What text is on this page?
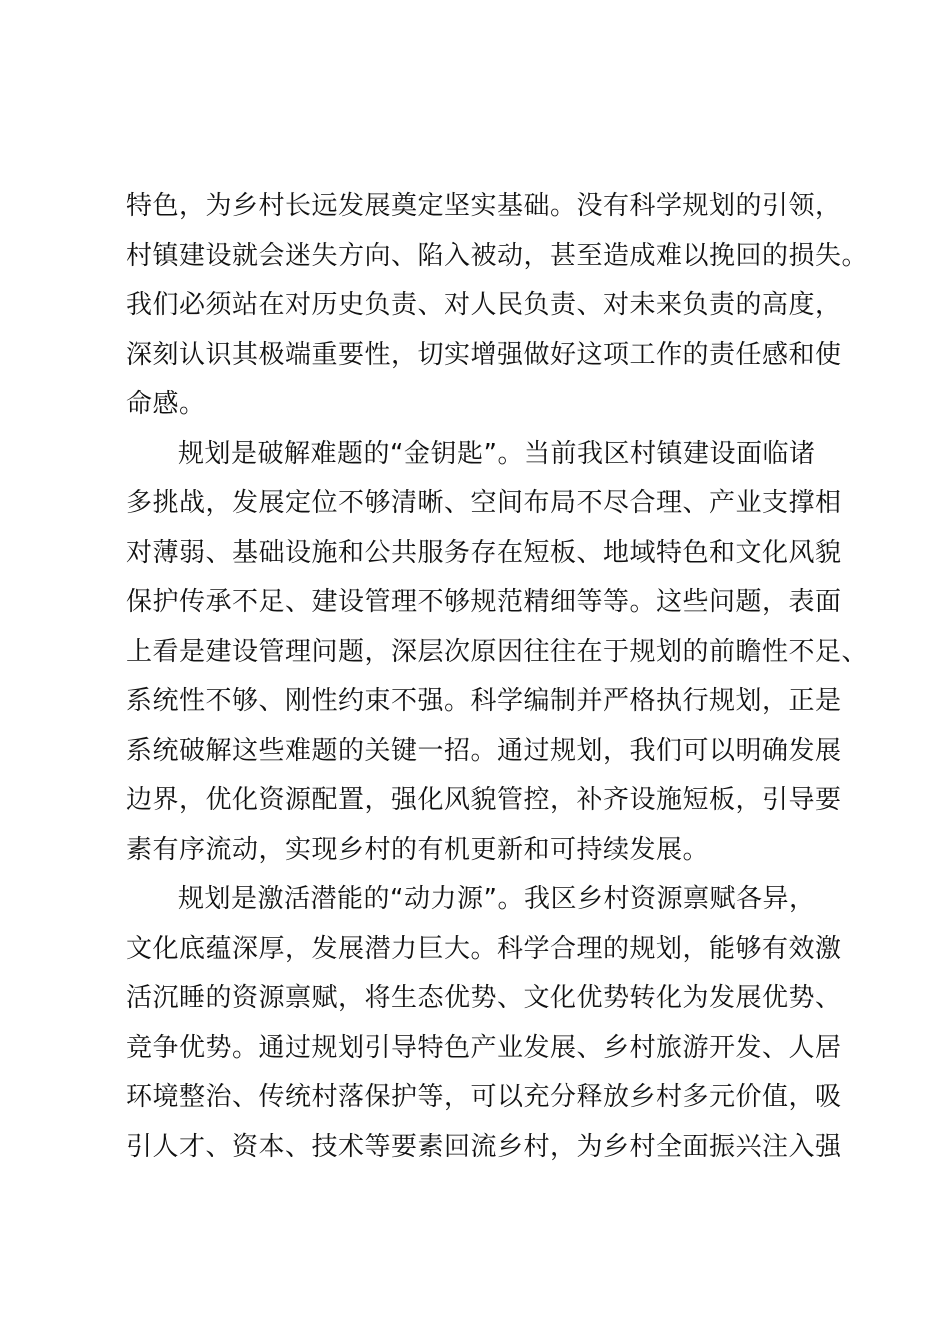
特色，为乡村长远发展奠定坚实基础。没有科学规划的引领，
村镇建设就会迷失方向、陷入被动，甚至造成难以挽回的损失。
我们必须站在对历史负责、对人民负责、对未来负责的高度，
深刻认识其极端重要性，切实增强做好这项工作的责任感和使
命感。
规划是破解难题的“金钥匙”。当前我区村镇建设面临诸
多挑战，发展定位不够清晰、空间布局不尽合理、产业支撑相
对薄弱、基础设施和公共服务存在短板、地域特色和文化风貌
保护传承不足、建设管理不够规范精细等等。这些问题，表面
上看是建设管理问题，深层次原因往往在于规划的前瞻性不足、
系统性不够、刚性约束不强。科学编制并严格执行规划，正是
系统破解这些难题的关键一招。通过规划，我们可以明确发展
边界，优化资源配置，强化风貌管控，补齐设施短板，引导要
素有序流动，实现乡村的有机更新和可持续发展。
规划是激活潜能的“动力源”。我区乡村资源禀赋各异，
文化底蕴深厚，发展潜力巨大。科学合理的规划，能够有效激
活沉睡的资源禀赋，将生态优势、文化优势转化为发展优势、
竞争优势。通过规划引导特色产业发展、乡村旅游开发、人居
环境整治、传统村落保护等，可以充分释放乡村多元价值，吸
引人才、资本、技术等要素回流乡村，为乡村全面振兴注入强
